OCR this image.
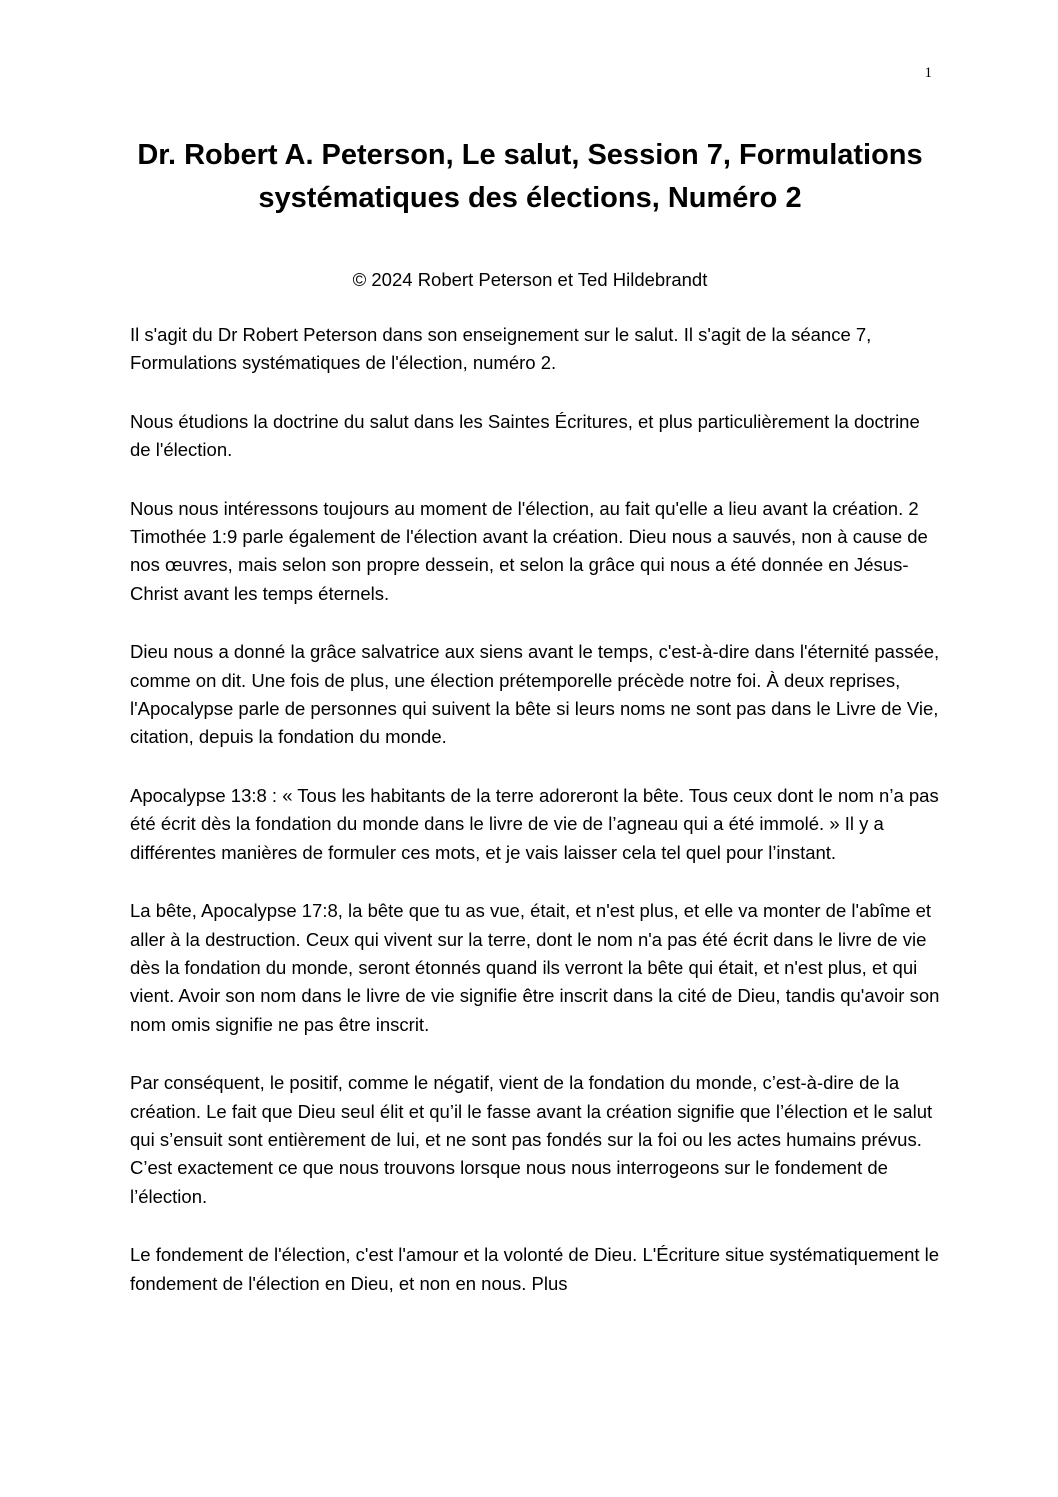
1
Dr. Robert A. Peterson, Le salut, Session 7, Formulations systématiques des élections, Numéro 2
© 2024 Robert Peterson et Ted Hildebrandt

Il s'agit du Dr Robert Peterson dans son enseignement sur le salut. Il s'agit de la séance 7, Formulations systématiques de l'élection, numéro 2.

Nous étudions la doctrine du salut dans les Saintes Écritures, et plus particulièrement la doctrine de l'élection.

Nous nous intéressons toujours au moment de l'élection, au fait qu'elle a lieu avant la création. 2 Timothée 1:9 parle également de l'élection avant la création. Dieu nous a sauvés, non à cause de nos œuvres, mais selon son propre dessein, et selon la grâce qui nous a été donnée en Jésus-Christ avant les temps éternels.

Dieu nous a donné la grâce salvatrice aux siens avant le temps, c'est-à-dire dans l'éternité passée, comme on dit. Une fois de plus, une élection prétemporelle précède notre foi. À deux reprises, l'Apocalypse parle de personnes qui suivent la bête si leurs noms ne sont pas dans le Livre de Vie, citation, depuis la fondation du monde.

Apocalypse 13:8 : « Tous les habitants de la terre adoreront la bête. Tous ceux dont le nom n’a pas été écrit dès la fondation du monde dans le livre de vie de l’agneau qui a été immolé. » Il y a différentes manières de formuler ces mots, et je vais laisser cela tel quel pour l’instant.

La bête, Apocalypse 17:8, la bête que tu as vue, était, et n'est plus, et elle va monter de l'abîme et aller à la destruction. Ceux qui vivent sur la terre, dont le nom n'a pas été écrit dans le livre de vie dès la fondation du monde, seront étonnés quand ils verront la bête qui était, et n'est plus, et qui vient. Avoir son nom dans le livre de vie signifie être inscrit dans la cité de Dieu, tandis qu'avoir son nom omis signifie ne pas être inscrit.

Par conséquent, le positif, comme le négatif, vient de la fondation du monde, c’est-à-dire de la création. Le fait que Dieu seul élit et qu’il le fasse avant la création signifie que l’élection et le salut qui s’ensuit sont entièrement de lui, et ne sont pas fondés sur la foi ou les actes humains prévus. C’est exactement ce que nous trouvons lorsque nous nous interrogeons sur le fondement de l’élection.

Le fondement de l'élection, c'est l'amour et la volonté de Dieu. L'Écriture situe systématiquement le fondement de l'élection en Dieu, et non en nous. Plus
